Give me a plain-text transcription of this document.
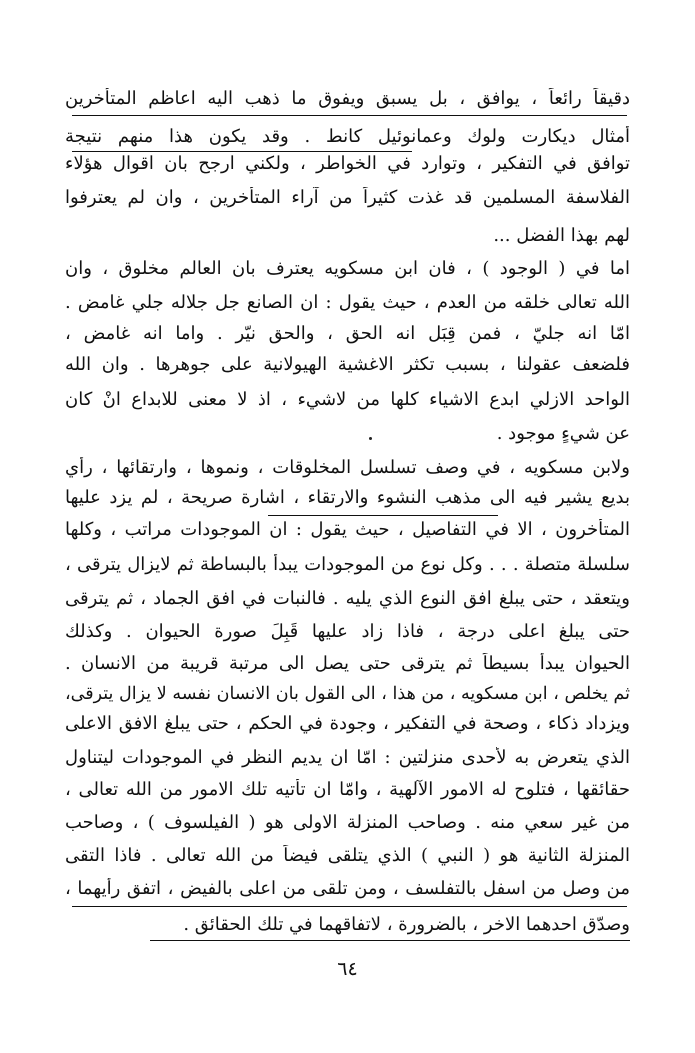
دقيقاً رائعاً ، يوافق ، بل يسبق ويفوق ما ذهب اليه اعاظم المتأخرين
أمثال ديكارت ولوك وعمانوئيل كانط . وقد يكون هذا منهم نتيجة
توافق في التفكير ، وتوارد في الخواطر ، ولكني ارجح بان اقوال هؤلاء
الفلاسفة المسلمين قد غذت كثيراً من آراء المتأخرين ، وان لم يعترفوا
لهم بهذا الفضل ...
اما في ( الوجود ) ، فان ابن مسكويه يعترف بان العالم مخلوق ، وان
الله تعالى خلقه من العدم ، حيث يقول : ان الصانع جل جلاله جلي غامض .
امّا انه جليّ ، فمن قِبَل انه الحق ، والحق نيّر . واما انه غامض ،
فلضعف عقولنا ، بسبب تكثر الاغشية الهيولانية على جوهرها . وان الله
الواحد الازلي ابدع الاشياء كلها من لاشيء ، اذ لا معنى للابداع انْ كان
عن شيءٍ موجود .
ولابن مسكويه ، في وصف تسلسل المخلوقات ، ونموها ، وارتقائها ، رأي
بديع يشير فيه الى مذهب النشوء والارتقاء ، اشارة صريحة ، لم يزد عليها
المتأخرون ، الا في التفاصيل ، حيث يقول : ان الموجودات مراتب ، وكلها
سلسلة متصلة . . . وكل نوع من الموجودات يبدأ بالبساطة ثم لايزال يترقى ،
ويتعقد ، حتى يبلغ افق النوع الذي يليه . فالنبات في افق الجماد ، ثم يترقى
حتى يبلغ اعلى درجة ، فاذا زاد عليها قَبِلَ صورة الحيوان . وكذلك
الحيوان يبدأ بسيطاً ثم يترقى حتى يصل الى مرتبة قريبة من الانسان .
ثم يخلص ، ابن مسكويه ، من هذا ، الى القول بان الانسان نفسه لا يزال يترقى،
ويزداد ذكاء ، وصحة في التفكير ، وجودة في الحكم ، حتى يبلغ الافق الاعلى
الذي يتعرض به لأحدى منزلتين : امّا ان يديم النظر في الموجودات ليتناول
حقائقها ، فتلوح له الامور الآلهية ، وامّا ان تأتيه تلك الامور من الله تعالى ،
من غير سعي منه . وصاحب المنزلة الاولى هو ( الفيلسوف ) ، وصاحب
المنزلة الثانية هو ( النبي ) الذي يتلقى فيضاً من الله تعالى . فاذا التقى
من وصل من اسفل بالتفلسف ، ومن تلقى من اعلى بالفيض ، اتفق رأيهما ،
وصدّق احدهما الاخر ، بالضرورة ، لاتفاقهما في تلك الحقائق .
٦٤
